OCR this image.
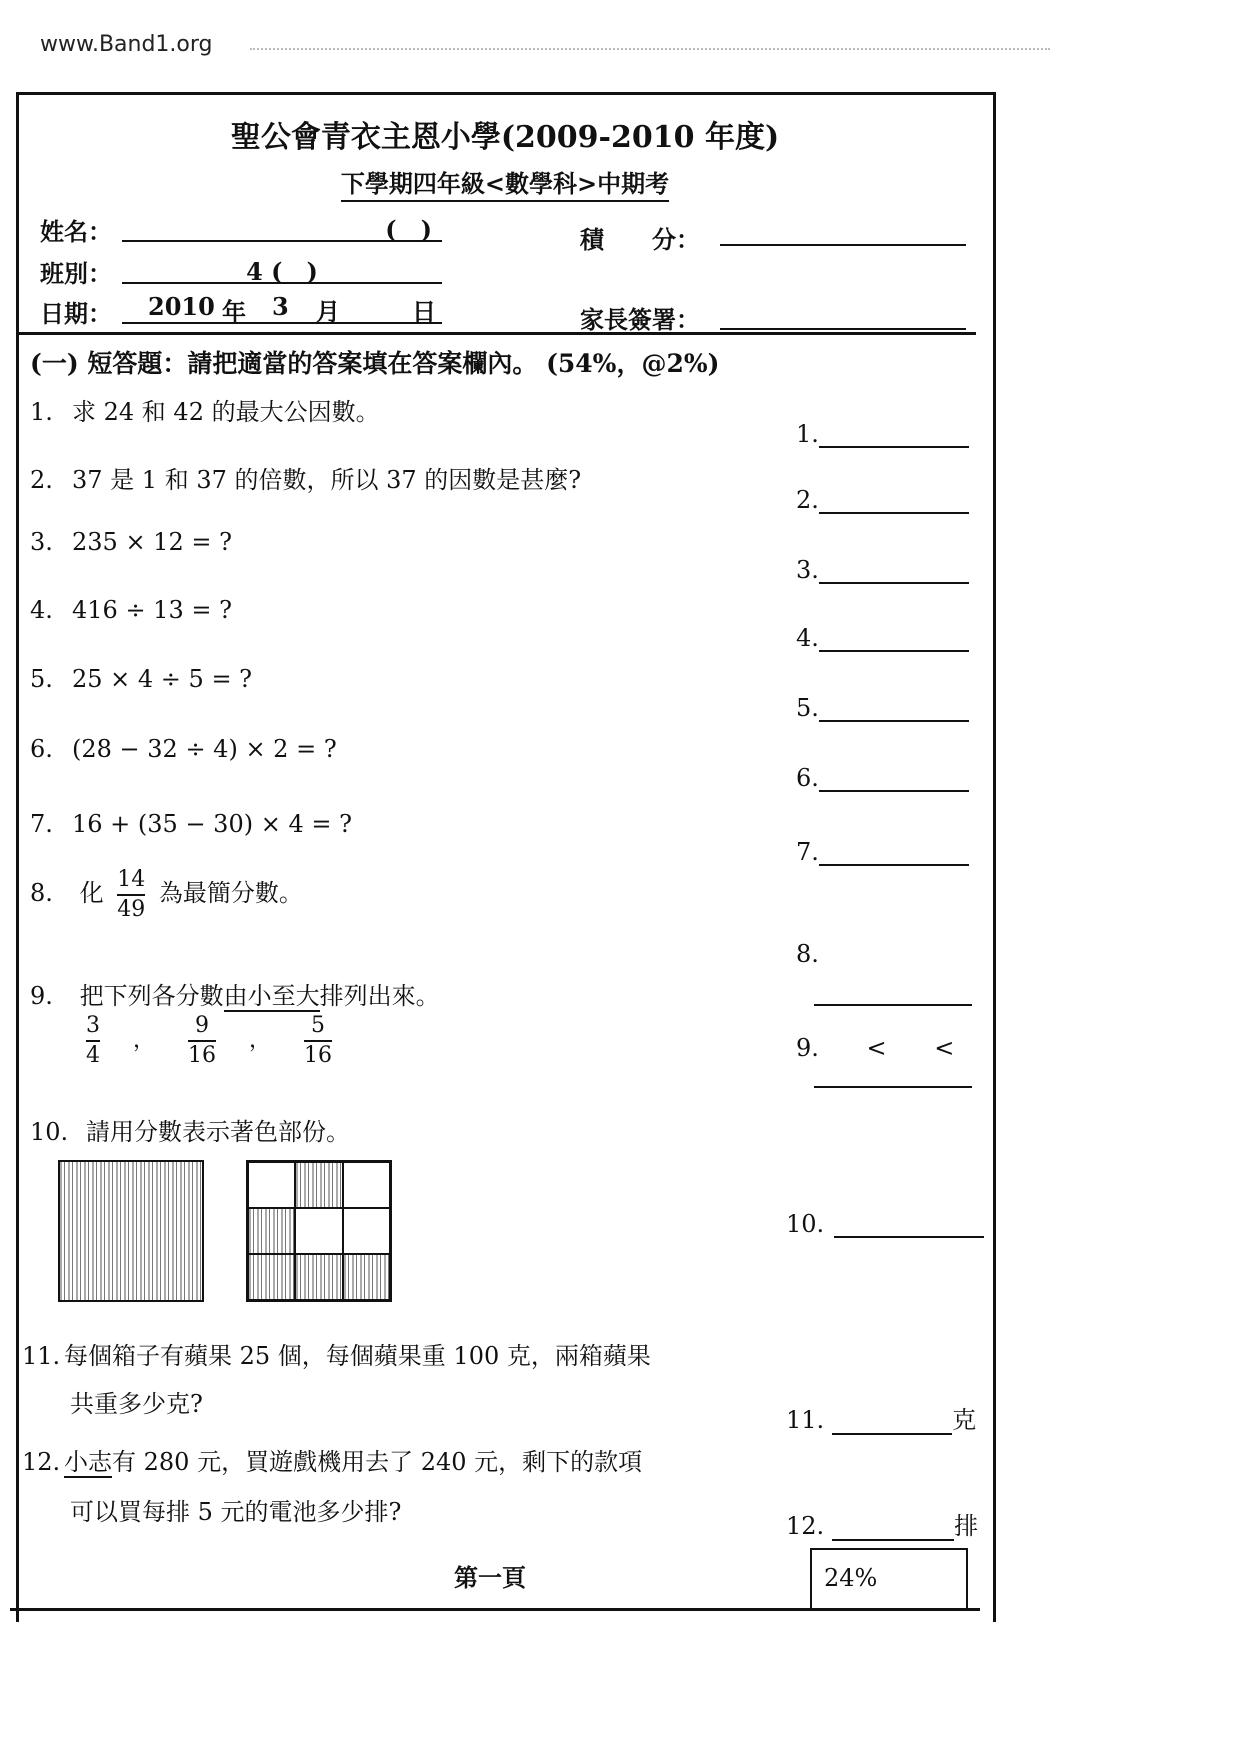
www.Band1.org
聖公會青衣主恩小學(2009-2010 年度)
下學期四年級<數學科>中期考
姓名：	(　)	積　　分：
班別：	4 (　)
日期： 2010 年 3 月	日	家長簽署：
(一) 短答題：請把適當的答案填在答案欄內。 (54%，@2%)
1. 求 24 和 42 的最大公因數。
2. 37 是 1 和 37 的倍數，所以 37 的因數是甚麼?
3. 235 × 12 = ?
4. 416 ÷ 13 = ?
5. 25 × 4 ÷ 5 = ?
6. (28 − 32 ÷ 4) × 2 = ?
7. 16 + (35 − 30) × 4 = ?
8. 化 $\frac{14}{49}$ 為最簡分數。
9. 把下列各分數由小至大排列出來。
$\frac{3}{4}$ ， $\frac{9}{16}$ ， $\frac{5}{16}$
10. 請用分數表示著色部份。
11. 每個箱子有蘋果 25 個，每個蘋果重 100 克，兩箱蘋果
共重多少克?
12. 小志有 280 元，買遊戲機用去了 240 元，剩下的款項
可以買每排 5 元的電池多少排?
1.
2.
3.
4.
5.
6.
7.
8.
9. < <
10.
11.	克
12.	排
第一頁	24%
